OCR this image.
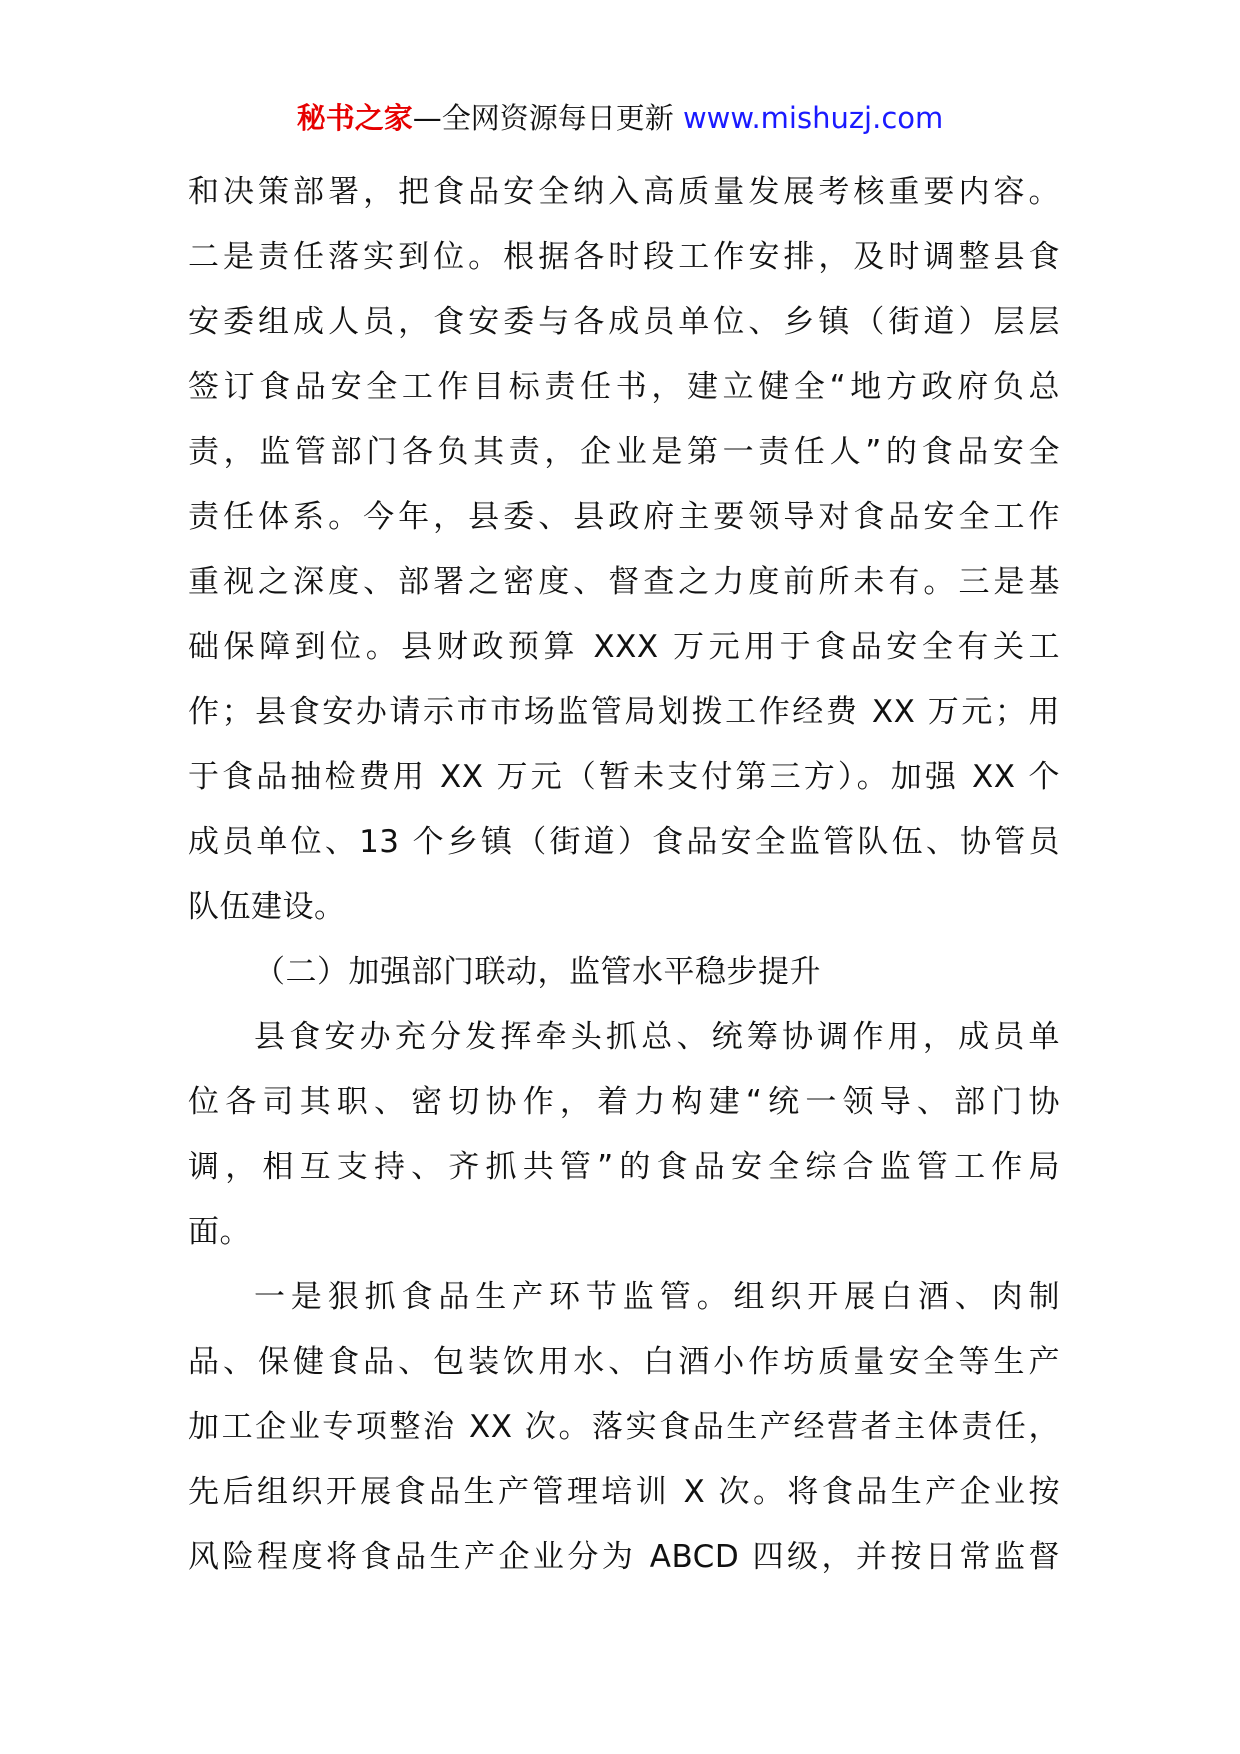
秘书之家—全网资源每日更新 www.mishuzj.com
和决策部署，把食品安全纳入高质量发展考核重要内容。
二是责任落实到位。根据各时段工作安排，及时调整县食
安委组成人员，食安委与各成员单位、乡镇（街道）层层
签订食品安全工作目标责任书，建立健全“地方政府负总
责，监管部门各负其责，企业是第一责任人”的食品安全
责任体系。今年，县委、县政府主要领导对食品安全工作
重视之深度、部署之密度、督查之力度前所未有。三是基
础保障到位。县财政预算 XXX 万元用于食品安全有关工
作；县食安办请示市市场监管局划拨工作经费 XX 万元；用
于食品抽检费用 XX 万元（暂未支付第三方）。加强 XX 个
成员单位、13 个乡镇（街道）食品安全监管队伍、协管员
队伍建设。
（二）加强部门联动，监管水平稳步提升
县食安办充分发挥牵头抓总、统筹协调作用，成员单
位各司其职、密切协作，着力构建“统一领导、部门协
调，相互支持、齐抓共管”的食品安全综合监管工作局
面。
一是狠抓食品生产环节监管。组织开展白酒、肉制
品、保健食品、包装饮用水、白酒小作坊质量安全等生产
加工企业专项整治 XX 次。落实食品生产经营者主体责任，
先后组织开展食品生产管理培训 X 次。将食品生产企业按
风险程度将食品生产企业分为 ABCD 四级，并按日常监督
